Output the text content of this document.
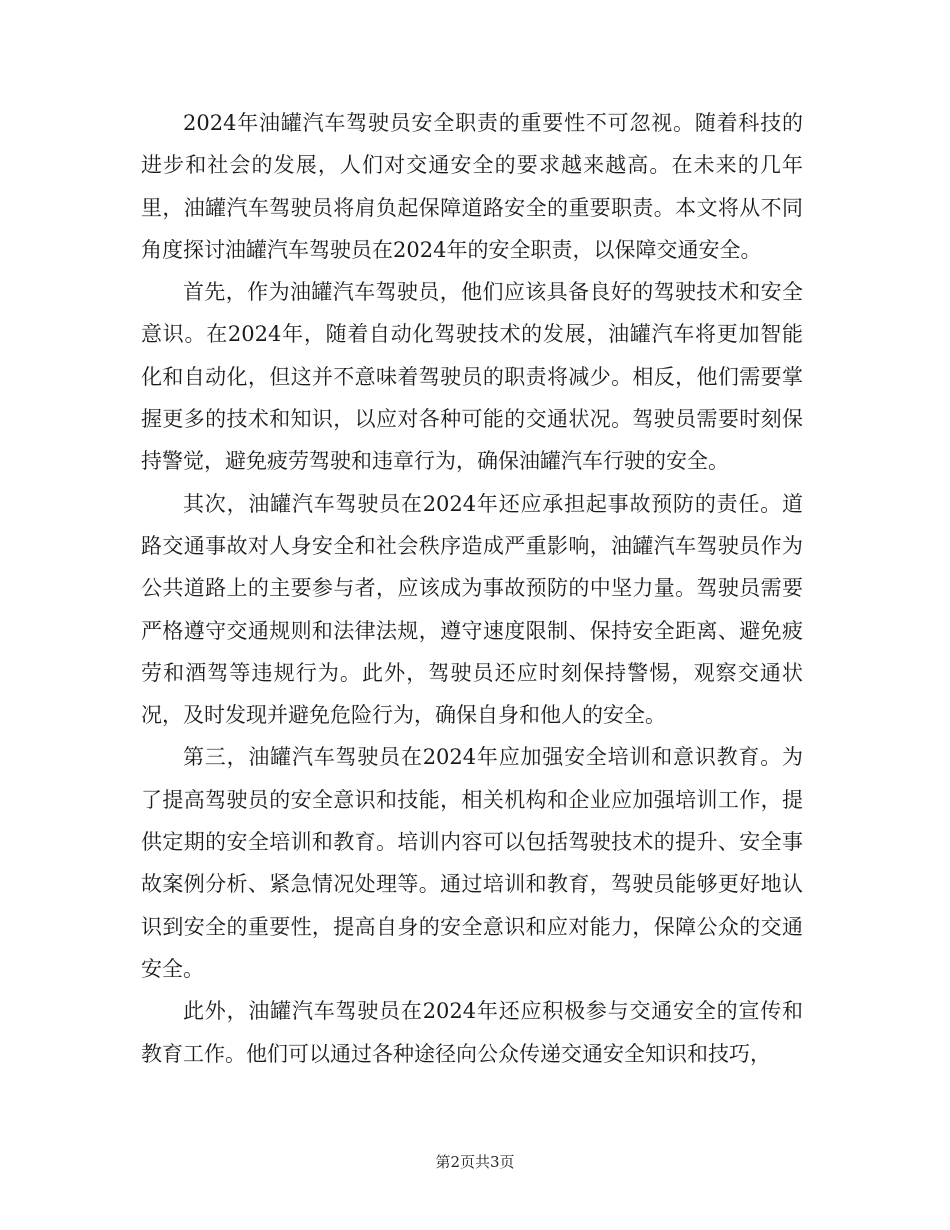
2024年油罐汽车驾驶员安全职责的重要性不可忽视。随着科技的进步和社会的发展，人们对交通安全的要求越来越高。在未来的几年里，油罐汽车驾驶员将肩负起保障道路安全的重要职责。本文将从不同角度探讨油罐汽车驾驶员在2024年的安全职责，以保障交通安全。

首先，作为油罐汽车驾驶员，他们应该具备良好的驾驶技术和安全意识。在2024年，随着自动化驾驶技术的发展，油罐汽车将更加智能化和自动化，但这并不意味着驾驶员的职责将减少。相反，他们需要掌握更多的技术和知识，以应对各种可能的交通状况。驾驶员需要时刻保持警觉，避免疲劳驾驶和违章行为，确保油罐汽车行驶的安全。

其次，油罐汽车驾驶员在2024年还应承担起事故预防的责任。道路交通事故对人身安全和社会秩序造成严重影响，油罐汽车驾驶员作为公共道路上的主要参与者，应该成为事故预防的中坚力量。驾驶员需要严格遵守交通规则和法律法规，遵守速度限制、保持安全距离、避免疲劳和酒驾等违规行为。此外，驾驶员还应时刻保持警惕，观察交通状况，及时发现并避免危险行为，确保自身和他人的安全。

第三，油罐汽车驾驶员在2024年应加强安全培训和意识教育。为了提高驾驶员的安全意识和技能，相关机构和企业应加强培训工作，提供定期的安全培训和教育。培训内容可以包括驾驶技术的提升、安全事故案例分析、紧急情况处理等。通过培训和教育，驾驶员能够更好地认识到安全的重要性，提高自身的安全意识和应对能力，保障公众的交通安全。

此外，油罐汽车驾驶员在2024年还应积极参与交通安全的宣传和教育工作。他们可以通过各种途径向公众传递交通安全知识和技巧，

第2页共3页
